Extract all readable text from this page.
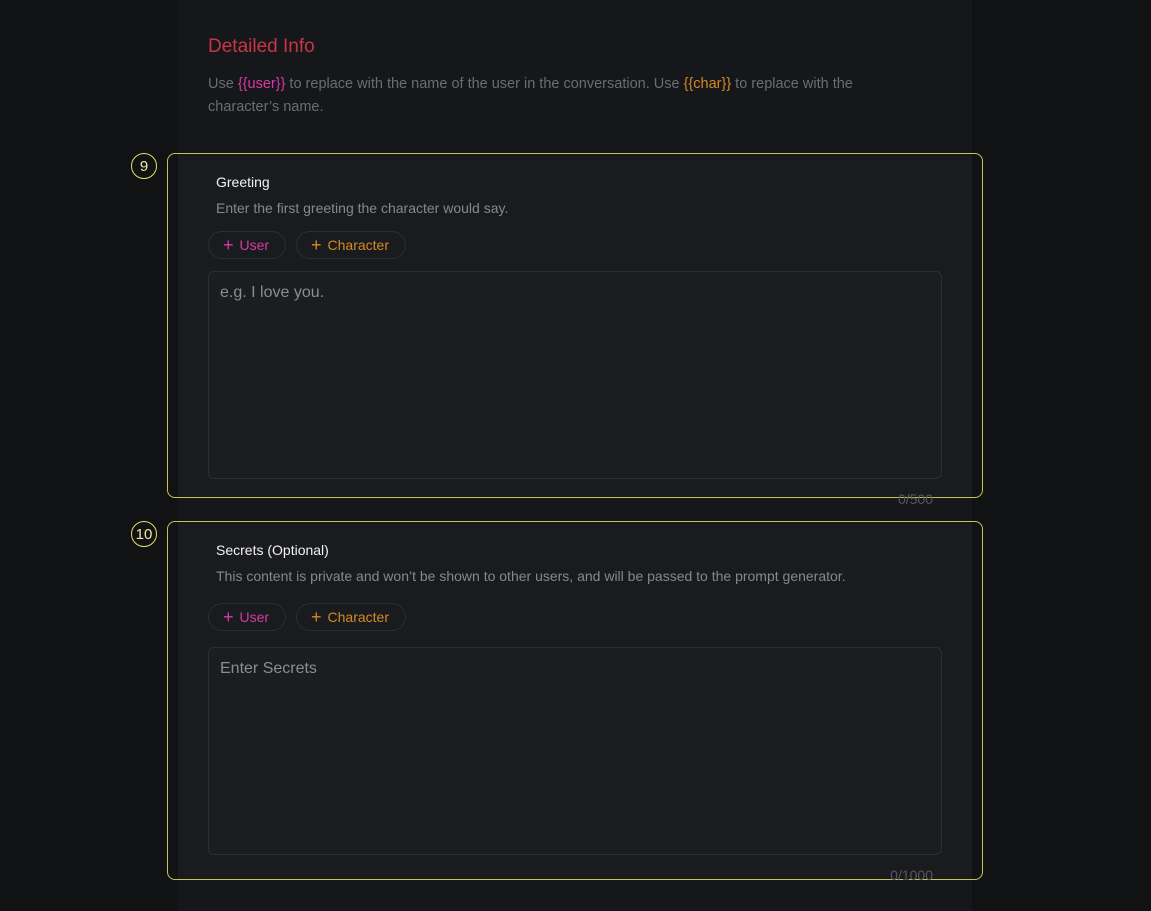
Detailed Info

Use {{user}} to replace with the name of the user in the conversation. Use {{char}} to replace with the character’s name.

9

Greeting

Enter the first greeting the character would say.

+ User + Character
e.g. I love you.
0/500
10

Secrets (Optional)

This content is private and won’t be shown to other users, and will be passed to the prompt generator.

+ User + Character
Enter Secrets
0/1000
